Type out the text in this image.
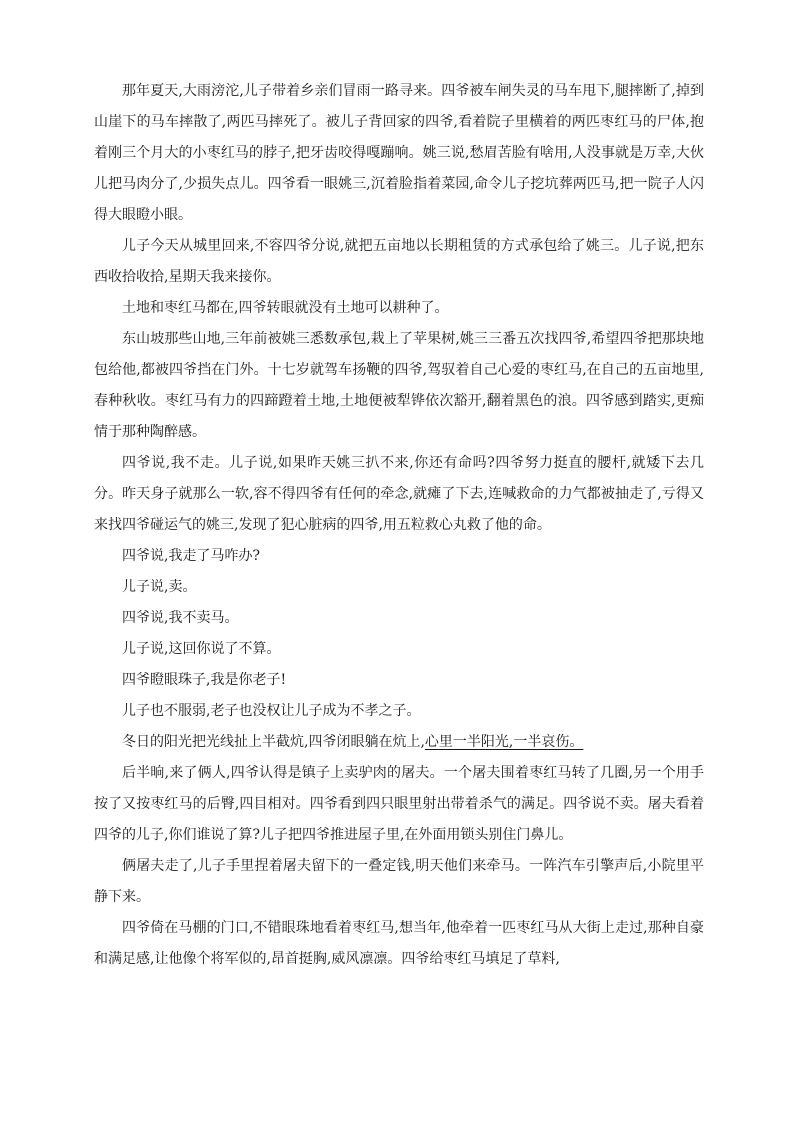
那年夏天,大雨滂沱,儿子带着乡亲们冒雨一路寻来。四爷被车闸失灵的马车甩下,腿摔断了,掉到山崖下的马车摔散了,两匹马摔死了。被儿子背回家的四爷,看着院子里横着的两匹枣红马的尸体,抱着刚三个月大的小枣红马的脖子,把牙齿咬得嘎蹦响。姚三说,愁眉苦脸有啥用,人没事就是万幸,大伙儿把马肉分了,少损失点儿。四爷看一眼姚三,沉着脸指着菜园,命令儿子挖坑葬两匹马,把一院子人闪得大眼瞪小眼。

儿子今天从城里回来,不容四爷分说,就把五亩地以长期租赁的方式承包给了姚三。儿子说,把东西收拾收拾,星期天我来接你。

土地和枣红马都在,四爷转眼就没有土地可以耕种了。

东山坡那些山地,三年前被姚三悉数承包,栽上了苹果树,姚三三番五次找四爷,希望四爷把那块地包给他,都被四爷挡在门外。十七岁就驾车扬鞭的四爷,驾驭着自己心爱的枣红马,在自己的五亩地里,春种秋收。枣红马有力的四蹄蹬着土地,土地便被犁铧依次豁开,翻着黑色的浪。四爷感到踏实,更痴情于那种陶醉感。

四爷说,我不走。儿子说,如果昨天姚三扒不来,你还有命吗?四爷努力挺直的腰杆,就矮下去几分。昨天身子就那么一软,容不得四爷有任何的牵念,就瘫了下去,连喊救命的力气都被抽走了,亏得又来找四爷碰运气的姚三,发现了犯心脏病的四爷,用五粒救心丸救了他的命。

四爷说,我走了马咋办?

儿子说,卖。

四爷说,我不卖马。

儿子说,这回你说了不算。

四爷瞪眼珠子,我是你老子!

儿子也不服弱,老子也没权让儿子成为不孝之子。

冬日的阳光把光线扯上半截炕,四爷闭眼躺在炕上,心里一半阳光,一半哀伤。

后半晌,来了俩人,四爷认得是镇子上卖驴肉的屠夫。一个屠夫围着枣红马转了几圈,另一个用手按了又按枣红马的后臀,四目相对。四爷看到四只眼里射出带着杀气的满足。四爷说不卖。屠夫看着四爷的儿子,你们谁说了算?儿子把四爷推进屋子里,在外面用锁头别住门鼻儿。

俩屠夫走了,儿子手里捏着屠夫留下的一叠定钱,明天他们来牵马。一阵汽车引擎声后,小院里平静下来。

四爷倚在马棚的门口,不错眼珠地看着枣红马,想当年,他牵着一匹枣红马从大街上走过,那种自豪和满足感,让他像个将军似的,昂首挺胸,威风凛凛。四爷给枣红马填足了草料,
